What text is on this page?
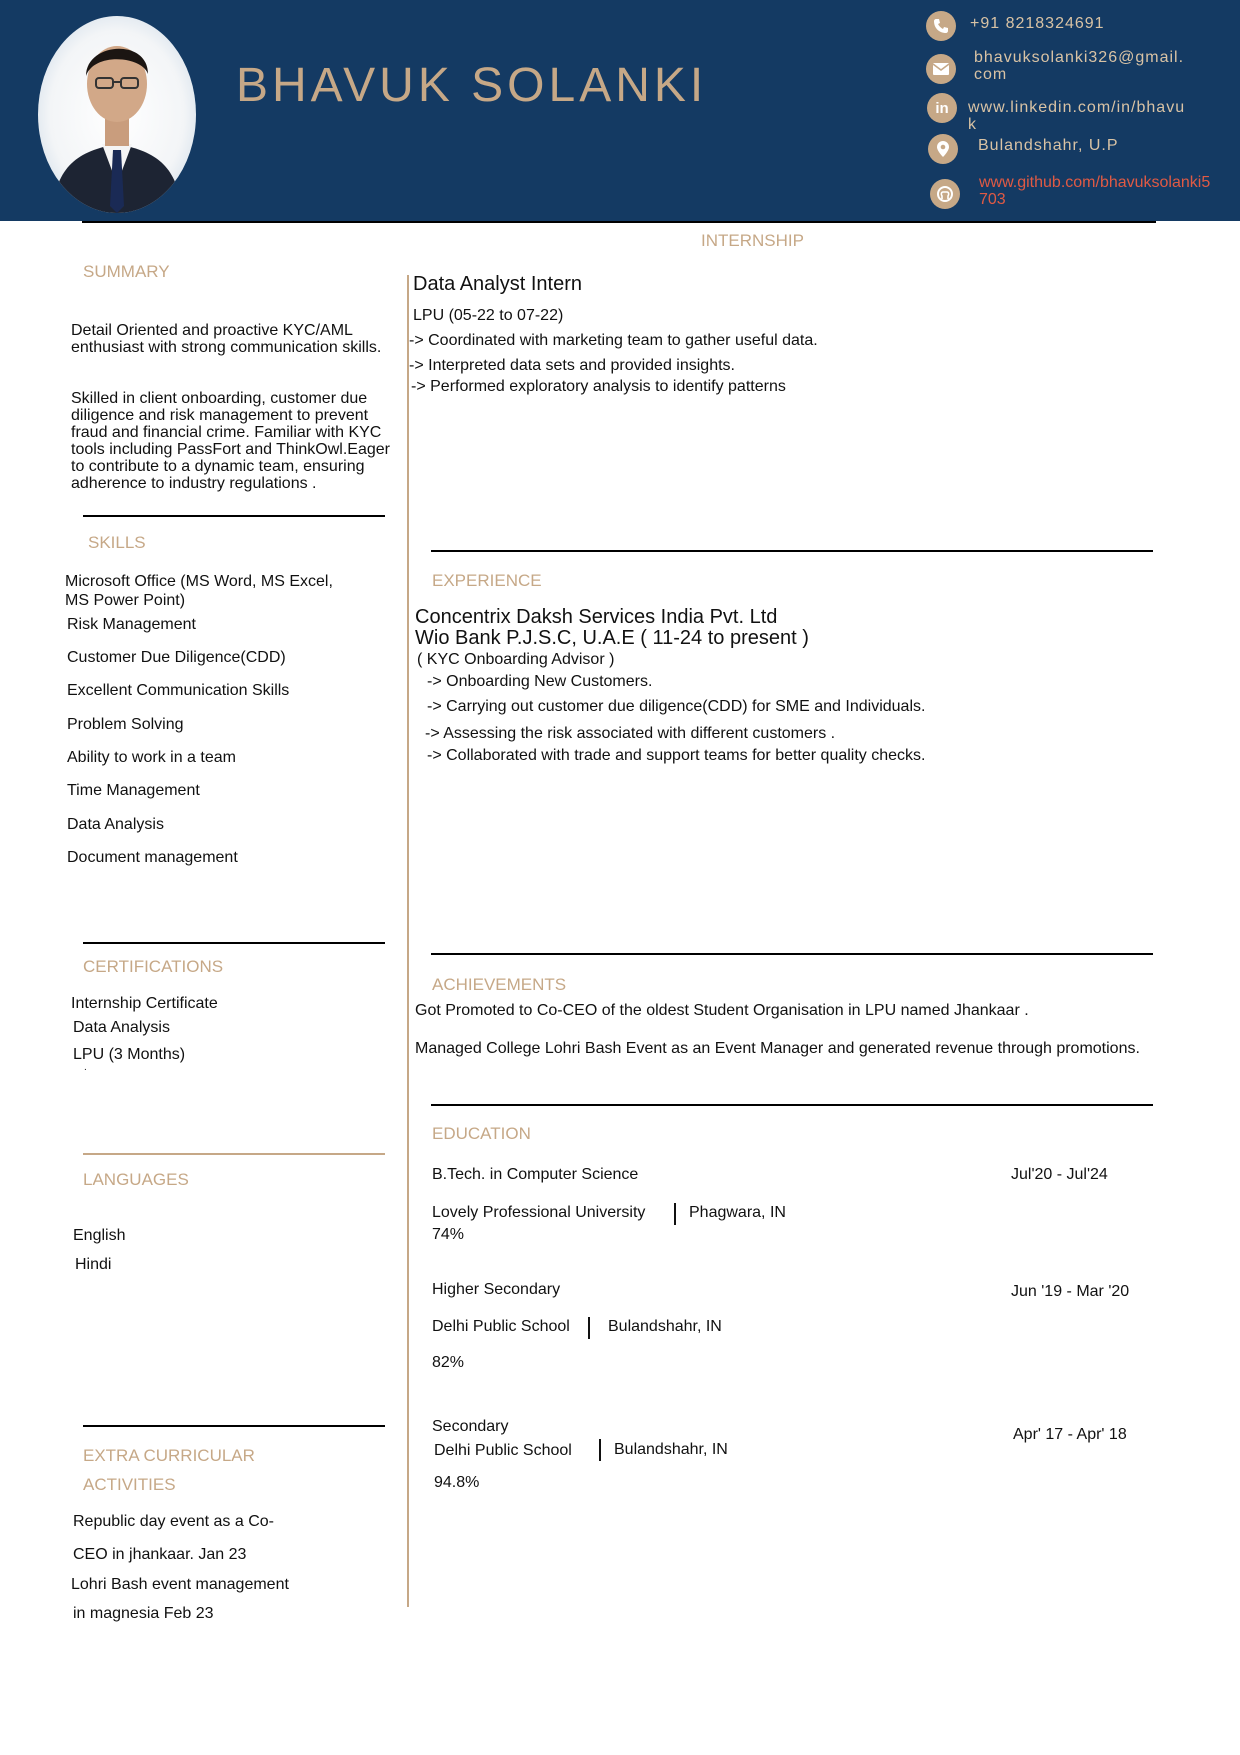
BHAVUK SOLANKI
+91 8218324691
bhavuksolanki326@gmail.
com
in www.linkedin.com/in/bhavu
k
Bulandshahr, U.P
www.github.com/bhavuksolanki5
703
SUMMARY
Detail Oriented and proactive KYC/AML
enthusiast with strong communication skills.
Skilled in client onboarding, customer due
diligence and risk management to prevent
fraud and financial crime. Familiar with KYC
tools including PassFort and ThinkOwl.Eager
to contribute to a dynamic team, ensuring
adherence to industry regulations .
SKILLS
Microsoft Office (MS Word, MS Excel,
MS Power Point)
Risk Management
Customer Due Diligence(CDD)
Excellent Communication Skills
Problem Solving
Ability to work in a team
Time Management
Data Analysis
Document management
CERTIFICATIONS
Internship Certificate
Data Analysis
LPU (3 Months)
.
LANGUAGES
English
Hindi
EXTRA CURRICULAR
ACTIVITIES
Republic day event as a Co-
CEO in jhankaar. Jan 23
Lohri Bash event management
in magnesia Feb 23
INTERNSHIP
Data Analyst Intern
LPU (05-22 to 07-22)
-> Coordinated with marketing team to gather useful data.
-> Interpreted data sets and provided insights.
-> Performed exploratory analysis to identify patterns
EXPERIENCE
Concentrix Daksh Services India Pvt. Ltd
Wio Bank P.J.S.C, U.A.E ( 11-24 to present )
( KYC Onboarding Advisor )
-> Onboarding New Customers.
-> Carrying out customer due diligence(CDD) for SME and Individuals.
-> Assessing the risk associated with different customers .
-> Collaborated with trade and support teams for better quality checks.
ACHIEVEMENTS
Got Promoted to Co-CEO of the oldest Student Organisation in LPU named Jhankaar .
Managed College Lohri Bash Event as an Event Manager and generated revenue through promotions.
EDUCATION
B.Tech. in Computer Science	Jul'20 - Jul'24
Lovely Professional University	Phagwara, IN
74%
Higher Secondary	Jun '19 - Mar '20
Delhi Public School Bulandshahr, IN
82%
Secondary	Apr' 17 - Apr' 18
Delhi Public School	Bulandshahr, IN
94.8%
